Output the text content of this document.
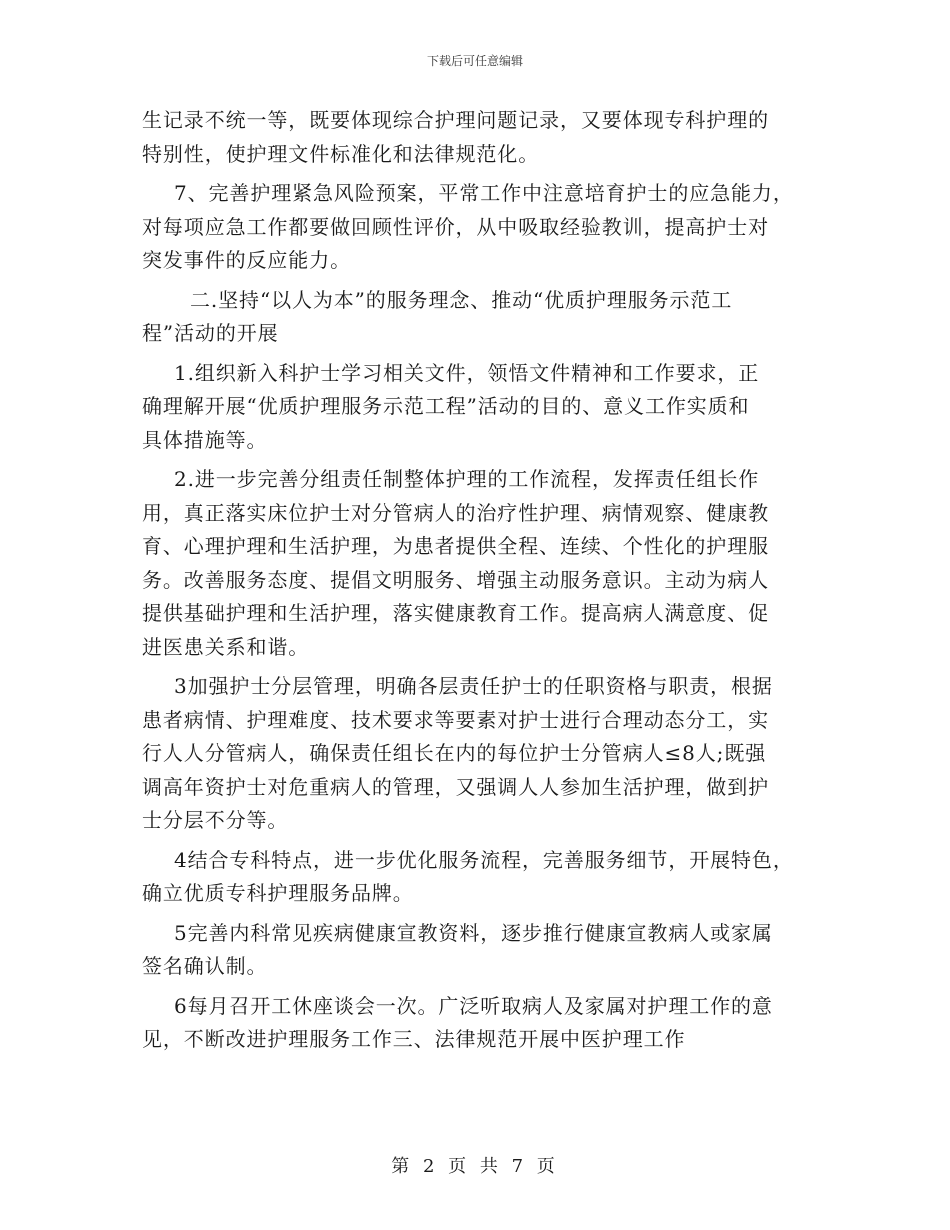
下载后可任意编辑
生记录不统一等，既要体现综合护理问题记录，又要体现专科护理的
特别性，使护理文件标准化和法律规范化。
7、完善护理紧急风险预案，平常工作中注意培育护士的应急能力，
对每项应急工作都要做回顾性评价，从中吸取经验教训，提高护士对
突发事件的反应能力。
二.坚持“以人为本”的服务理念、推动“优质护理服务示范工
程”活动的开展
1.组织新入科护士学习相关文件，领悟文件精神和工作要求，正
确理解开展“优质护理服务示范工程”活动的目的、意义工作实质和
具体措施等。
2.进一步完善分组责任制整体护理的工作流程，发挥责任组长作
用，真正落实床位护士对分管病人的治疗性护理、病情观察、健康教
育、心理护理和生活护理，为患者提供全程、连续、个性化的护理服
务。改善服务态度、提倡文明服务、增强主动服务意识。主动为病人
提供基础护理和生活护理，落实健康教育工作。提高病人满意度、促
进医患关系和谐。
3加强护士分层管理，明确各层责任护士的任职资格与职责，根据
患者病情、护理难度、技术要求等要素对护士进行合理动态分工，实
行人人分管病人，确保责任组长在内的每位护士分管病人≤8人;既强
调高年资护士对危重病人的管理，又强调人人参加生活护理，做到护
士分层不分等。
4结合专科特点，进一步优化服务流程，完善服务细节，开展特色，
确立优质专科护理服务品牌。
5完善内科常见疾病健康宣教资料，逐步推行健康宣教病人或家属
签名确认制。
6每月召开工休座谈会一次。广泛听取病人及家属对护理工作的意
见，不断改进护理服务工作三、法律规范开展中医护理工作
第 2 页 共 7 页
